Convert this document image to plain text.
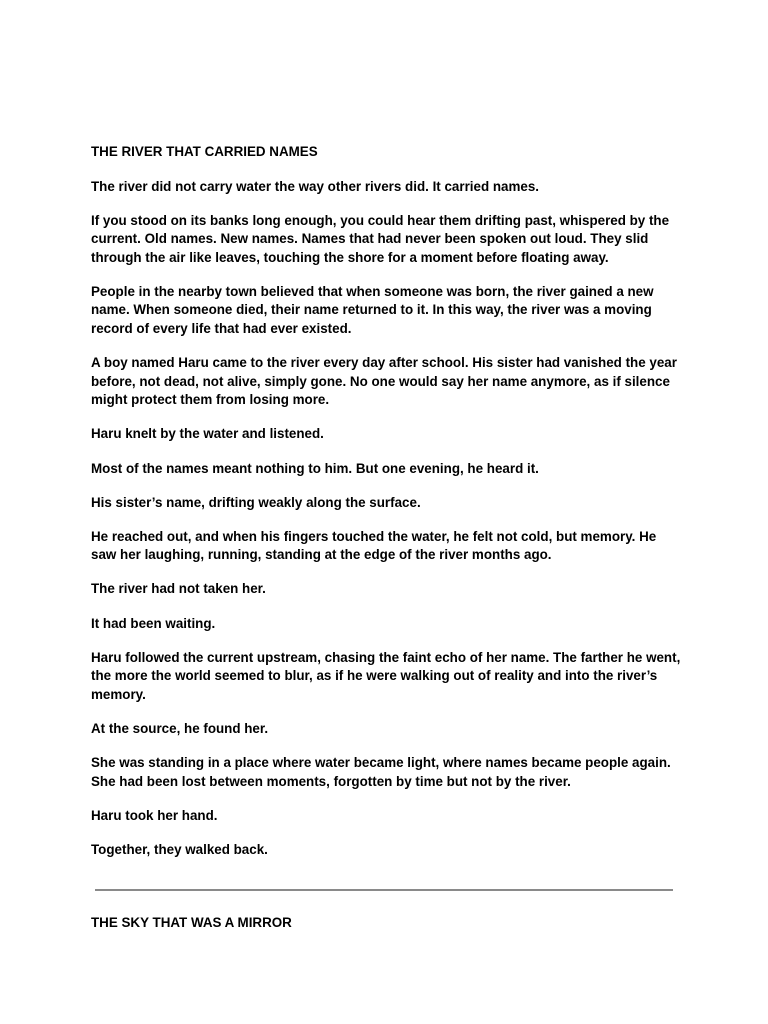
THE RIVER THAT CARRIED NAMES

The river did not carry water the way other rivers did. It carried names.

If you stood on its banks long enough, you could hear them drifting past, whispered by the current. Old names. New names. Names that had never been spoken out loud. They slid through the air like leaves, touching the shore for a moment before floating away.

People in the nearby town believed that when someone was born, the river gained a new name. When someone died, their name returned to it. In this way, the river was a moving record of every life that had ever existed.

A boy named Haru came to the river every day after school. His sister had vanished the year before, not dead, not alive, simply gone. No one would say her name anymore, as if silence might protect them from losing more.

Haru knelt by the water and listened.

Most of the names meant nothing to him. But one evening, he heard it.

His sister’s name, drifting weakly along the surface.

He reached out, and when his fingers touched the water, he felt not cold, but memory. He saw her laughing, running, standing at the edge of the river months ago.

The river had not taken her.

It had been waiting.

Haru followed the current upstream, chasing the faint echo of her name. The farther he went, the more the world seemed to blur, as if he were walking out of reality and into the river’s memory.

At the source, he found her.

She was standing in a place where water became light, where names became people again. She had been lost between moments, forgotten by time but not by the river.

Haru took her hand.

Together, they walked back.

THE SKY THAT WAS A MIRROR
